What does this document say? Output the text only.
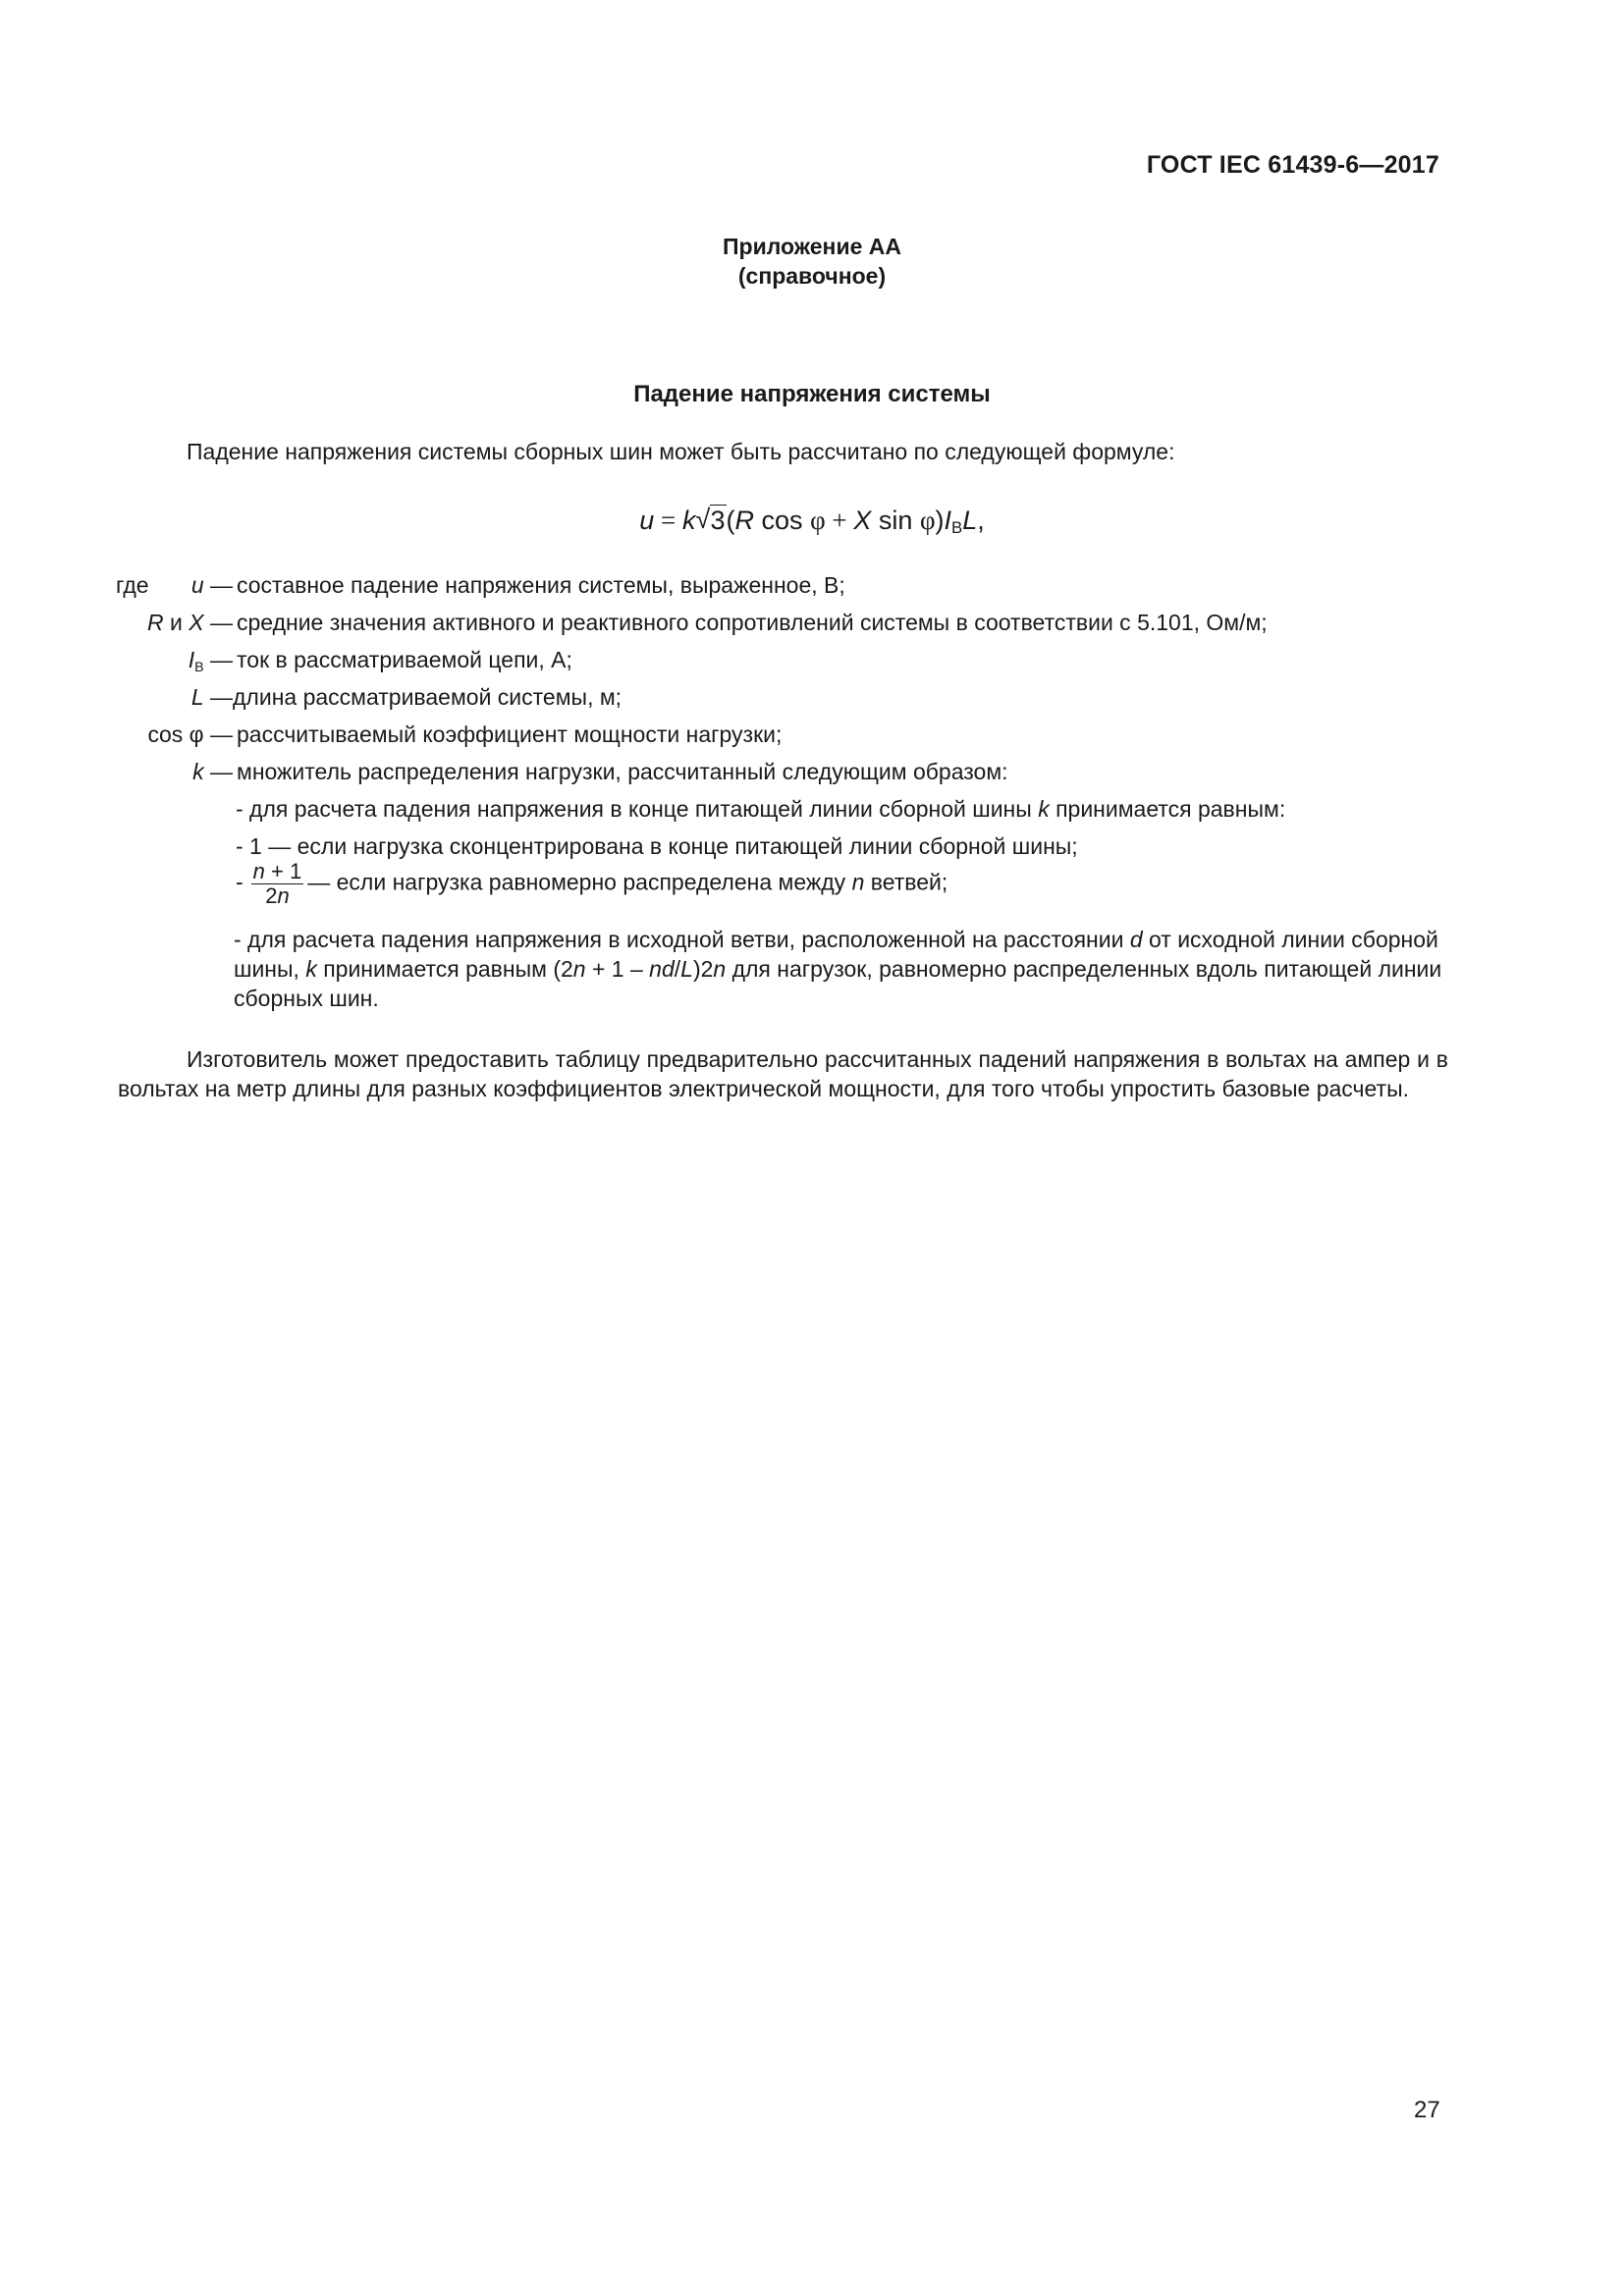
ГОСТ IEC 61439-6—2017
Приложение АА
(справочное)
Падение напряжения системы
Падение напряжения системы сборных шин может быть рассчитано по следующей формуле:
u = k √ 3(R cos φ + X $\sin \varphi)I_ВL$,
где u — составное падение напряжения системы, выраженное, В;
R и X — средние значения активного и реактивного сопротивлений системы в соответствии с 5.101, Ом/м;
$I_В$ — ток в рассматриваемой цепи, А;
L — длина рассматриваемой системы, м;
cos φ — рассчитываемый коэффициент мощности нагрузки;
k — множитель распределения нагрузки, рассчитанный следующим образом:
- для расчета падения напряжения в конце питающей линии сборной шины k принимается равным:
- 1 — если нагрузка сконцентрирована в конце питающей линии сборной шины;
- $\frac{n + 1}{2n}$ — если нагрузка равномерно распределена между n ветвей;
- для расчета падения напряжения в исходной ветви, расположенной на расстоянии d от исходной линии сборной шины, k принимается равным (2n + 1 – nd/L)2n для нагрузок, равномерно распределенных вдоль питающей линии сборных шин.
Изготовитель может предоставить таблицу предварительно рассчитанных падений напряжения в вольтах на ампер и в вольтах на метр длины для разных коэффициентов электрической мощности, для того чтобы упростить базовые расчеты.
27
